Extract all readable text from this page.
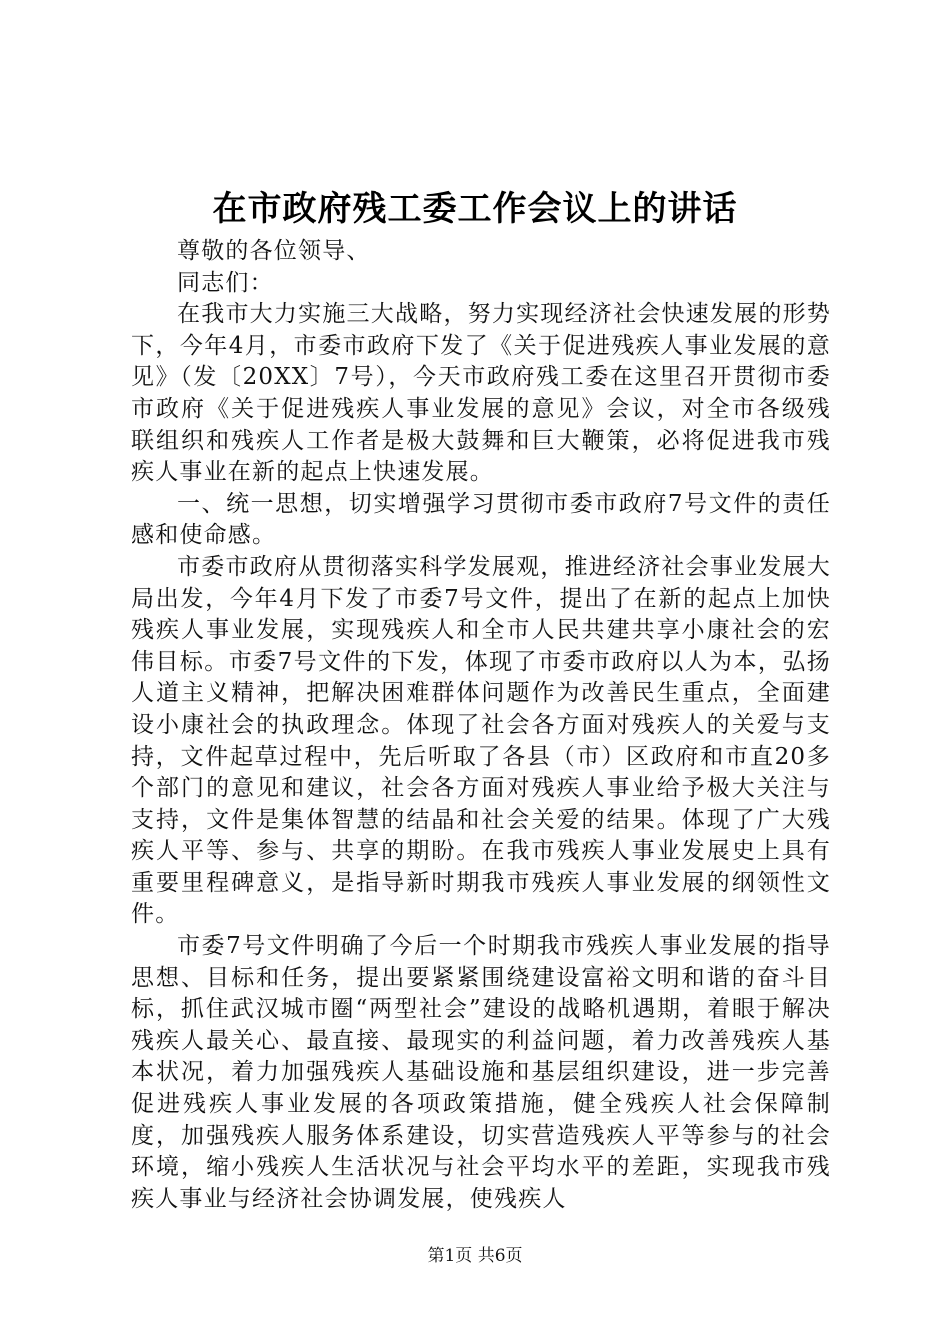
在市政府残工委工作会议上的讲话

尊敬的各位领导、

同志们：

在我市大力实施三大战略，努力实现经济社会快速发展的形势下，今年4月，市委市政府下发了《关于促进残疾人事业发展的意见》（发〔20XX〕7号），今天市政府残工委在这里召开贯彻市委市政府《关于促进残疾人事业发展的意见》会议，对全市各级残联组织和残疾人工作者是极大鼓舞和巨大鞭策，必将促进我市残疾人事业在新的起点上快速发展。

一、统一思想，切实增强学习贯彻市委市政府7号文件的责任感和使命感。

市委市政府从贯彻落实科学发展观，推进经济社会事业发展大局出发，今年4月下发了市委7号文件，提出了在新的起点上加快残疾人事业发展，实现残疾人和全市人民共建共享小康社会的宏伟目标。市委7号文件的下发，体现了市委市政府以人为本，弘扬人道主义精神，把解决困难群体问题作为改善民生重点，全面建设小康社会的执政理念。体现了社会各方面对残疾人的关爱与支持，文件起草过程中，先后听取了各县（市）区政府和市直20多个部门的意见和建议，社会各方面对残疾人事业给予极大关注与支持，文件是集体智慧的结晶和社会关爱的结果。体现了广大残疾人平等、参与、共享的期盼。在我市残疾人事业发展史上具有重要里程碑意义，是指导新时期我市残疾人事业发展的纲领性文件。

市委7号文件明确了今后一个时期我市残疾人事业发展的指导思想、目标和任务，提出要紧紧围绕建设富裕文明和谐的奋斗目标，抓住武汉城市圈“两型社会”建设的战略机遇期，着眼于解决残疾人最关心、最直接、最现实的利益问题，着力改善残疾人基本状况，着力加强残疾人基础设施和基层组织建设，进一步完善促进残疾人事业发展的各项政策措施，健全残疾人社会保障制度，加强残疾人服务体系建设，切实营造残疾人平等参与的社会环境，缩小残疾人生活状况与社会平均水平的差距，实现我市残疾人事业与经济社会协调发展，使残疾人

第1页 共6页
